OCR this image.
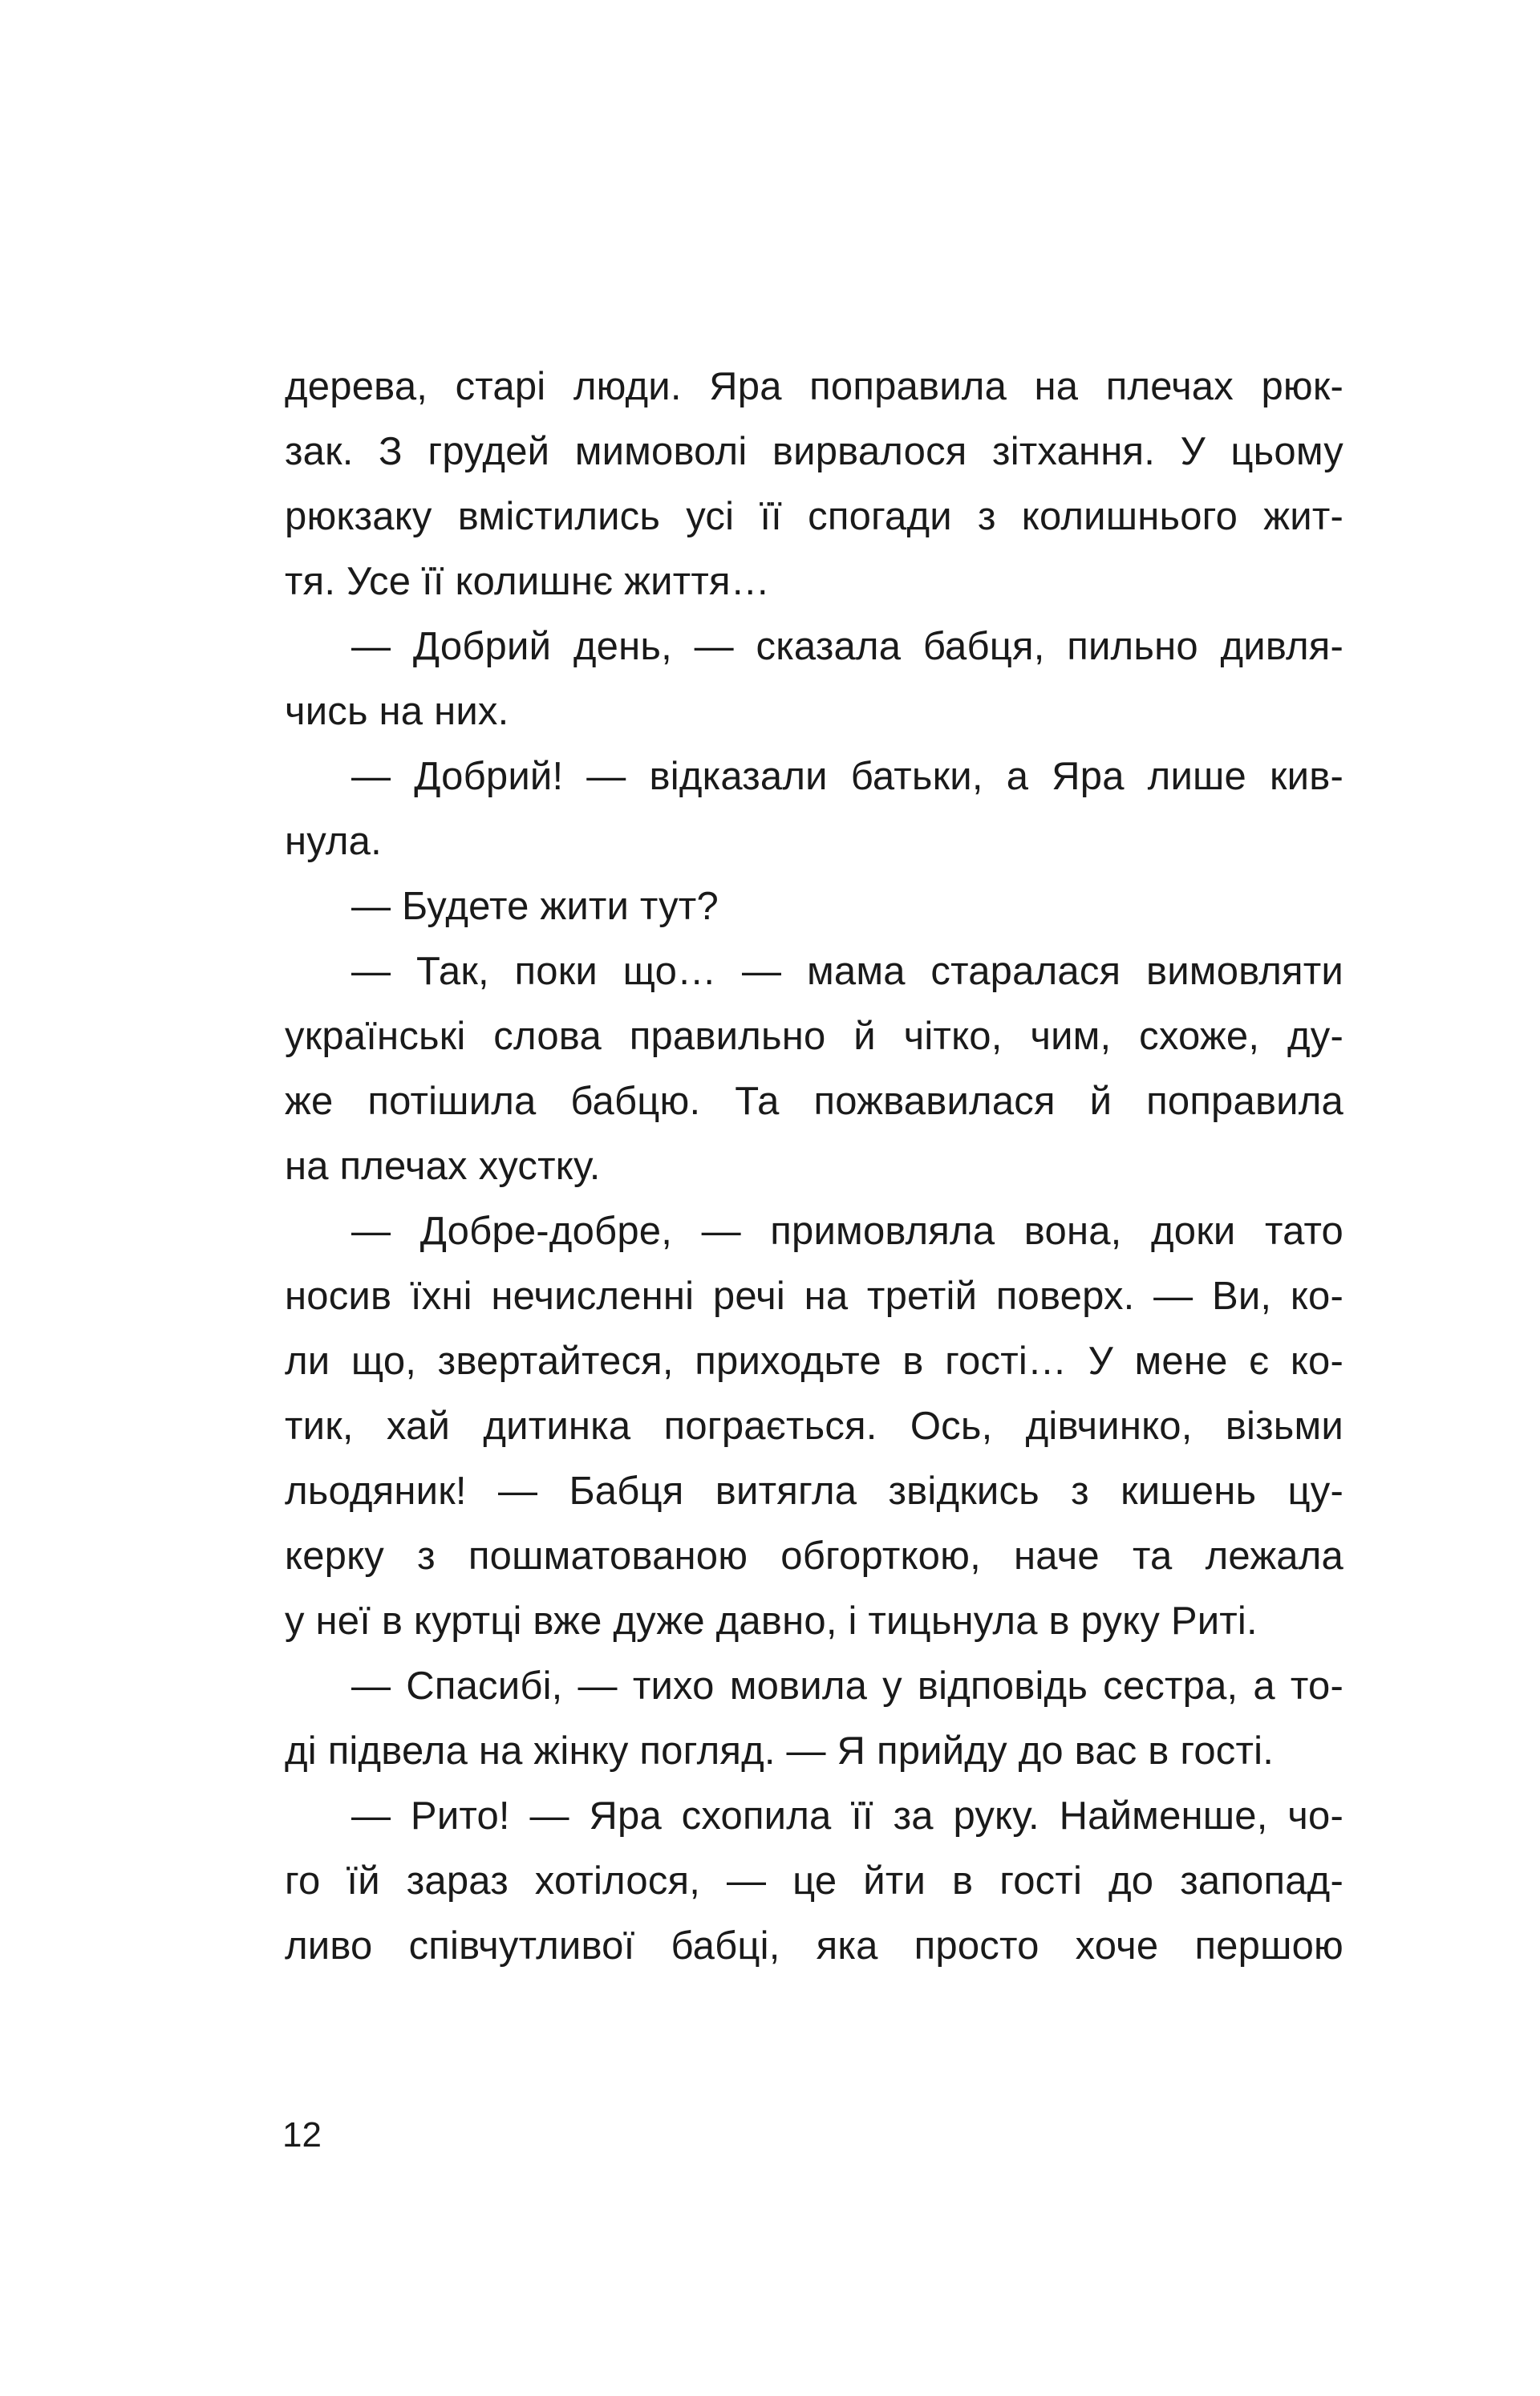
дерева, старі люди. Яра поправила на плечах рюк-
зак. З грудей мимоволі вирвалося зітхання. У цьому
рюкзаку вмістились усі її спогади з колишнього жит-
тя. Усе її колишнє життя…
— Добрий день, — сказала бабця, пильно дивля-
чись на них.
— Добрий! — відказали батьки, а Яра лише кив-
нула.
— Будете жити тут?
— Так, поки що… — мама старалася вимовляти
українські слова правильно й чітко, чим, схоже, ду-
же потішила бабцю. Та пожвавилася й поправила
на плечах хустку.
— Добре-добре, — примовляла вона, доки тато
носив їхні нечисленні речі на третій поверх. — Ви, ко-
ли що, звертайтеся, приходьте в гості… У мене є ко-
тик, хай дитинка пограється. Ось, дівчинко, візьми
льодяник! — Бабця витягла звідкись з кишень цу-
керку з пошматованою обгорткою, наче та лежала
у неї в куртці вже дуже давно, і тицьнула в руку Риті.
— Спасибі, — тихо мовила у відповідь сестра, а то-
ді підвела на жінку погляд. — Я прийду до вас в гості.
— Рито! — Яра схопила її за руку. Найменше, чо-
го їй зараз хотілося, — це йти в гості до запопад-
ливо співчутливої бабці, яка просто хоче першою
12
